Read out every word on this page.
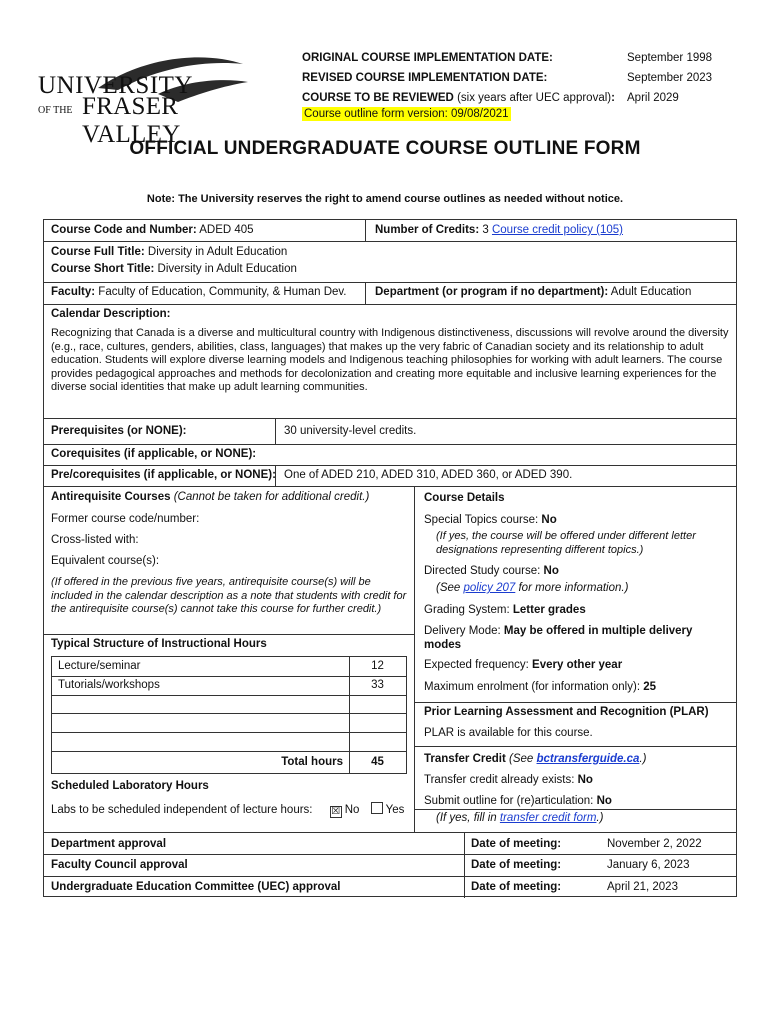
UNIVERSITY
OF THE FRASER VALLEY
ORIGINAL COURSE IMPLEMENTATION DATE:	September 1998
REVISED COURSE IMPLEMENTATION DATE:	September 2023
COURSE TO BE REVIEWED (six years after UEC approval): April 2029
Course outline form version: 09/08/2021
OFFICIAL UNDERGRADUATE COURSE OUTLINE FORM
Note: The University reserves the right to amend course outlines as needed without notice.
Course Code and Number: ADED 405	Number of Credits: 3 Course credit policy (105)
Course Full Title: Diversity in Adult Education
Course Short Title: Diversity in Adult Education
Faculty: Faculty of Education, Community, & Human Dev. Department (or program if no department): Adult Education
Calendar Description:
Recognizing that Canada is a diverse and multicultural country with Indigenous distinctiveness, discussions will revolve around the diversity (e.g., race, cultures, genders, abilities, class, languages) that makes up the very fabric of Canadian society and its relationship to adult education. Students will explore diverse learning models and Indigenous teaching philosophies for working with adult learners. The course provides pedagogical approaches and methods for decolonization and creating more equitable and inclusive learning experiences for the diverse social identities that make up adult learning communities.
Prerequisites (or NONE):	30 university-level credits.
Corequisites (if applicable, or NONE):
Pre/corequisites (if applicable, or NONE): One of ADED 210, ADED 310, ADED 360, or ADED 390.
Antirequisite Courses (Cannot be taken for additional credit.)
Former course code/number:
Cross-listed with:
Equivalent course(s):
(If offered in the previous five years, antirequisite course(s) will be included in the calendar description as a note that students with credit for the antirequisite course(s) cannot take this course for further credit.)
Typical Structure of Instructional Hours
Lecture/seminar	12
Tutorials/workshops	33
Total hours	45
Scheduled Laboratory Hours
Labs to be scheduled independent of lecture hours: ☒ No Yes
Course Details
Special Topics course: No
(If yes, the course will be offered under different letter designations representing different topics.)
Directed Study course: No
(See policy 207 for more information.)
Grading System: Letter grades
Delivery Mode: May be offered in multiple delivery modes
Expected frequency: Every other year
Maximum enrolment (for information only): 25
Prior Learning Assessment and Recognition (PLAR)
PLAR is available for this course.
Transfer Credit (See bctransferguide.ca.)
Transfer credit already exists: No
Submit outline for (re)articulation: No
(If yes, fill in transfer credit form.)
Department approval	Date of meeting:	November 2, 2022
Faculty Council approval	Date of meeting:	January 6, 2023
Undergraduate Education Committee (UEC) approval	Date of meeting:	April 21, 2023
